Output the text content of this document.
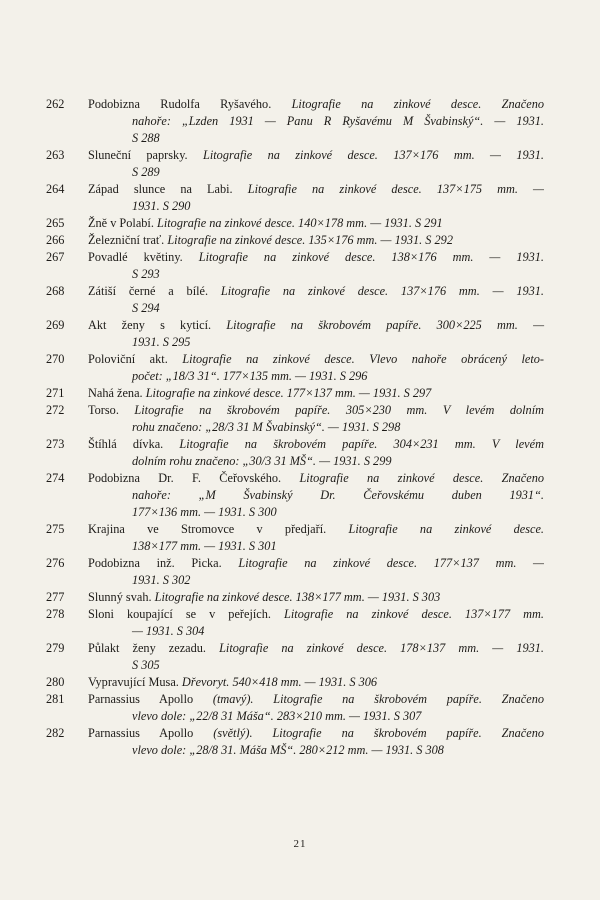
262	Podobizna Rudolfa Ryšavého. Litografie na zinkové desce. Značeno
nahoře: „Lzden 1931 — Panu R Ryšavému M Švabinský“. — 1931.
S 288
263	Sluneční paprsky. Litografie na zinkové desce. 137×176 mm. — 1931.
S 289
264	Západ slunce na Labi. Litografie na zinkové desce. 137×175 mm. —
1931. S 290
265	Žně v Polabí. Litografie na zinkové desce. 140×178 mm. — 1931. S 291
266	Železniční trať. Litografie na zinkové desce. 135×176 mm. — 1931. S 292
267	Povadlé květiny. Litografie na zinkové desce. 138×176 mm. — 1931.
S 293
268	Zátiší černé a bílé. Litografie na zinkové desce. 137×176 mm. — 1931.
S 294
269	Akt ženy s kyticí. Litografie na škrobovém papíře. 300×225 mm. —
1931. S 295
270	Poloviční akt. Litografie na zinkové desce. Vlevo nahoře obrácený leto-
počet: „18/3 31“. 177×135 mm. — 1931. S 296
271	Nahá žena. Litografie na zinkové desce. 177×137 mm. — 1931. S 297
272	Torso. Litografie na škrobovém papíře. 305×230 mm. V levém dolním
rohu značeno: „28/3 31 M Švabinský“. — 1931. S 298
273	Štíhlá dívka. Litografie na škrobovém papíře. 304×231 mm. V levém
dolním rohu značeno: „30/3 31 MŠ“. — 1931. S 299
274	Podobizna Dr. F. Čeřovského. Litografie na zinkové desce. Značeno
nahoře: „M Švabinský Dr. Čeřovskému duben 1931“.
177×136 mm. — 1931. S 300
275	Krajina ve Stromovce v předjaří. Litografie na zinkové desce.
138×177 mm. — 1931. S 301
276	Podobizna inž. Picka. Litografie na zinkové desce. 177×137 mm. —
1931. S 302
277	Slunný svah. Litografie na zinkové desce. 138×177 mm. — 1931. S 303
278	Sloni koupající se v peřejích. Litografie na zinkové desce. 137×177 mm.
— 1931. S 304
279	Půlakt ženy zezadu. Litografie na zinkové desce. 178×137 mm. — 1931.
S 305
280	Vypravující Musa. Dřevoryt. 540×418 mm. — 1931. S 306
281	Parnassius Apollo (tmavý). Litografie na škrobovém papíře. Značeno
vlevo dole: „22/8 31 Máša“. 283×210 mm. — 1931. S 307
282	Parnassius Apollo (světlý). Litografie na škrobovém papíře. Značeno
vlevo dole: „28/8 31. Máša MŠ“. 280×212 mm. — 1931. S 308
21
